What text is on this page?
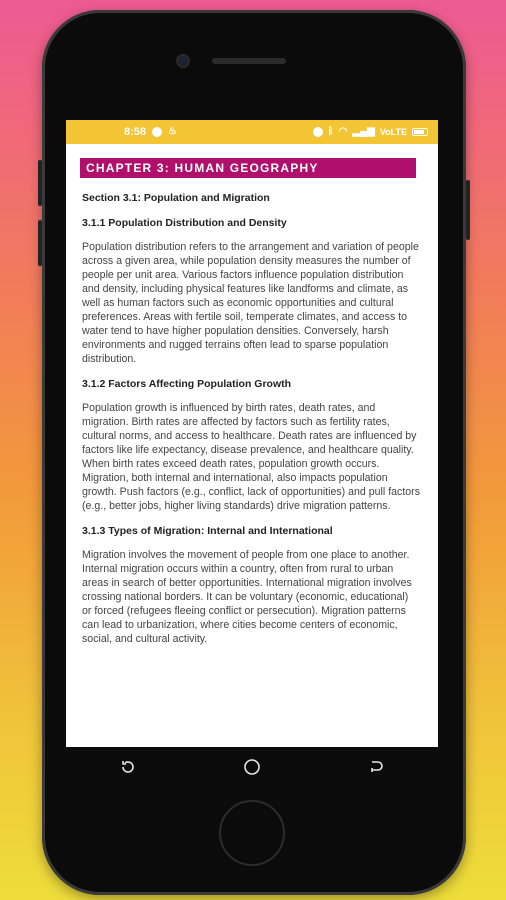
8:58 ♨	ᛒ ◠ ▂▄▆ VoLTE
CHAPTER 3: HUMAN GEOGRAPHY
Section 3.1: Population and Migration
3.1.1 Population Distribution and Density
Population distribution refers to the arrangement and variation of people across a given area, while population density measures the number of people per unit area. Various factors influence population distribution and density, including physical features like landforms and climate, as well as human factors such as economic opportunities and cultural preferences. Areas with fertile soil, temperate climates, and access to water tend to have higher population densities. Conversely, harsh environments and rugged terrains often lead to sparse population distribution.
3.1.2 Factors Affecting Population Growth
Population growth is influenced by birth rates, death rates, and migration. Birth rates are affected by factors such as fertility rates, cultural norms, and access to healthcare. Death rates are influenced by factors like life expectancy, disease prevalence, and healthcare quality. When birth rates exceed death rates, population growth occurs. Migration, both internal and international, also impacts population growth. Push factors (e.g., conflict, lack of opportunities) and pull factors (e.g., better jobs, higher living standards) drive migration patterns.
3.1.3 Types of Migration: Internal and International
Migration involves the movement of people from one place to another. Internal migration occurs within a country, often from rural to urban areas in search of better opportunities. International migration involves crossing national borders. It can be voluntary (economic, educational) or forced (refugees fleeing conflict or persecution). Migration patterns can lead to urbanization, where cities become centers of economic, social, and cultural activity.
